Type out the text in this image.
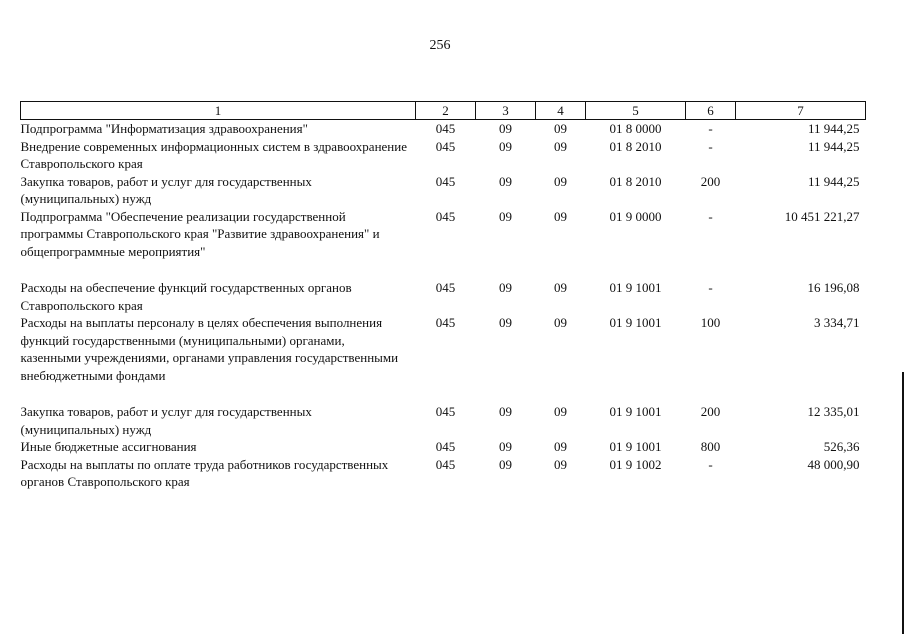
256
1	2	3	4	5	6	7
Подпрограмма "Информатизация здравоохранения"	045	09	09	01 8 0000	-	11 944,25
Внедрение современных информационных систем в здравоохранение Ставропольского края	045	09	09	01 8 2010	-	11 944,25
Закупка товаров, работ и услуг для государственных (муниципальных) нужд	045	09	09	01 8 2010	200	11 944,25
Подпрограмма "Обеспечение реализации государственной программы Ставропольского края "Развитие здравоохранения" и общепрограммные мероприятия"	045	09	09	01 9 0000	-	10 451 221,27
Расходы на обеспечение функций государственных органов Ставропольского края	045	09	09	01 9 1001	-	16 196,08
Расходы на выплаты персоналу в целях обеспечения выполнения функций государственными (муниципальными) органами, казенными учреждениями, органами управления государственными внебюджетными фондами	045	09	09	01 9 1001	100	3 334,71
Закупка товаров, работ и услуг для государственных (муниципальных) нужд	045	09	09	01 9 1001	200	12 335,01
Иные бюджетные ассигнования	045	09	09	01 9 1001	800	526,36
Расходы на выплаты по оплате труда работников государственных органов Ставропольского края	045	09	09	01 9 1002	-	48 000,90
